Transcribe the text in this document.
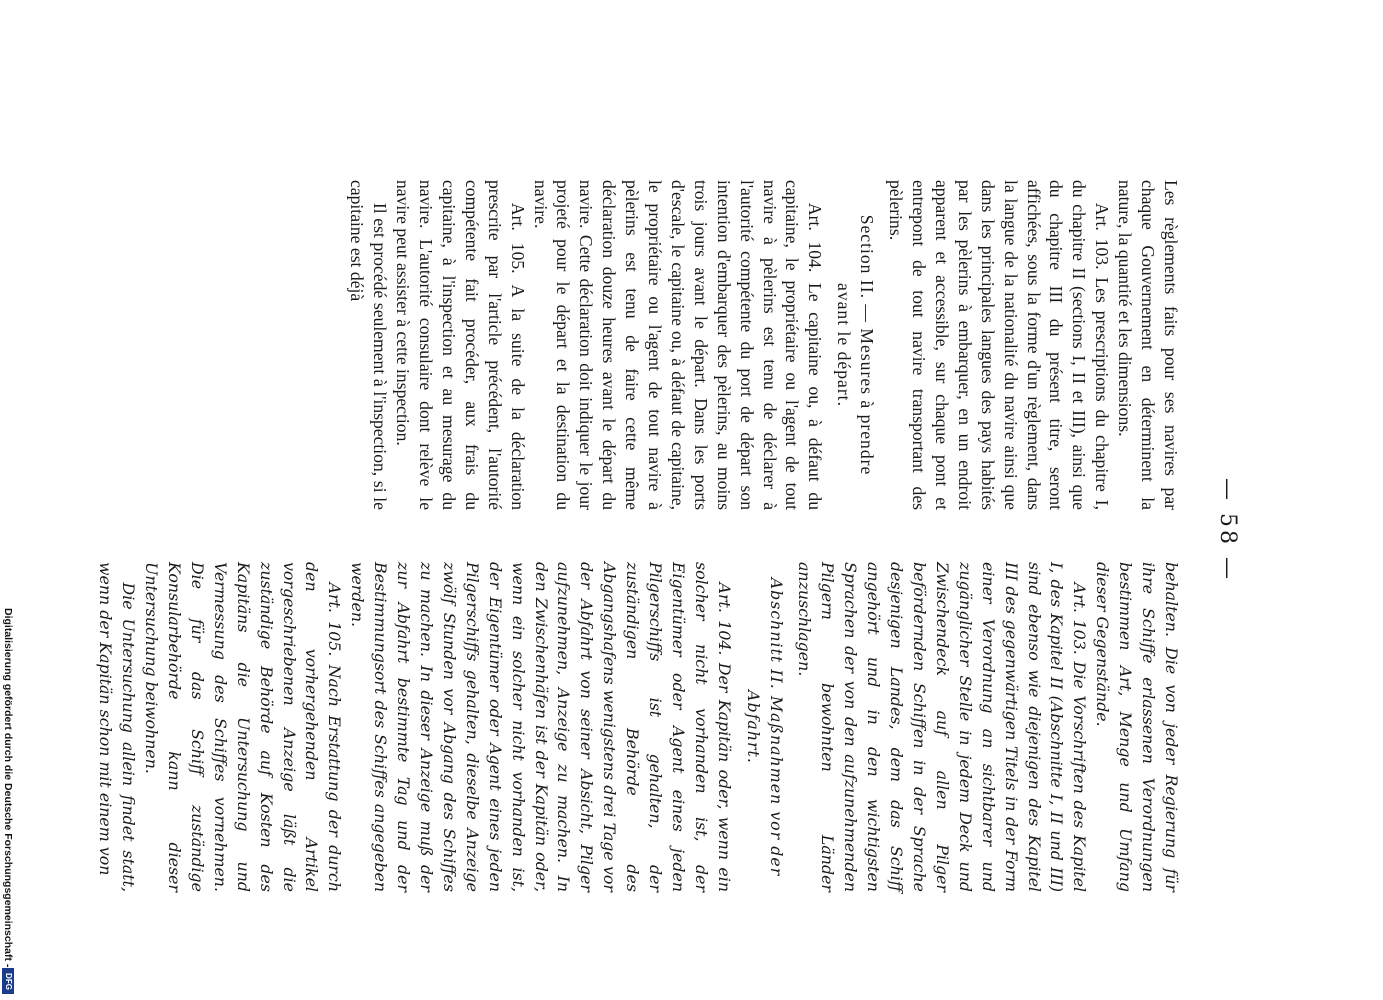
— 58 —

Les règlements faits pour ses navires par chaque Gouvernement en déterminent la nature, la quantité et les dimensions.

Art. 103. Les prescriptions du chapitre I, du chapitre II (sections I, II et III), ainsi que du chapitre III du présent titre, seront affichées, sous la forme d'un règlement, dans la langue de la nationalité du navire ainsi que dans les principales langues des pays habités par les pèlerins à embarquer, en un endroit apparent et accessible, sur chaque pont et entrepont de tout navire transportant des pèlerins.

Section II. — Mesures à prendre
avant le départ.

Art. 104. Le capitaine ou, à défaut du capitaine, le propriétaire ou l'agent de tout navire à pèlerins est tenu de déclarer à l'autorité compétente du port de départ son intention d'embarquer des pèlerins, au moins trois jours avant le départ. Dans les ports d'escale, le capitaine ou, à défaut de capitaine, le propriétaire ou l'agent de tout navire à pèlerins est tenu de faire cette même déclaration douze heures avant le départ du navire. Cette déclaration doit indiquer le jour projeté pour le départ et la destination du navire.

Art. 105. A la suite de la déclaration prescrite par l'article précédent, l'autorité compétente fait procéder, aux frais du capitaine, à l'inspection et au mesurage du navire. L'autorité consulaire dont relève le navire peut assister à cette inspection.

Il est procédé seulement à l'inspection, si le capitaine est déjà

behalten. Die von jeder Regierung für ihre Schiffe erlassenen Verordnungen bestimmen Art, Menge und Umfang dieser Gegenstände.

Art. 103. Die Vorschriften des Kapitel I, des Kapitel II (Abschnitte I, II und III) sind ebenso wie diejenigen des Kapitel III des gegenwärtigen Titels in der Form einer Verordnung an sichtbarer und zugänglicher Stelle in jedem Deck und Zwischendeck auf allen Pilger befördernden Schiffen in der Sprache desjenigen Landes, dem das Schiff angehört und in den wichtigsten Sprachen der von den aufzunehmenden Pilgern bewohnten Länder anzuschlagen.

Abschnitt II. Maßnahmen vor der
Abfahrt.

Art. 104. Der Kapitän oder, wenn ein solcher nicht vorhanden ist, der Eigentümer oder Agent eines jeden Pilgerschiffs ist gehalten, der zuständigen Behörde des Abgangshafens wenigstens drei Tage vor der Abfahrt von seiner Absicht, Pilger aufzunehmen, Anzeige zu machen. In den Zwischenhäfen ist der Kapitän oder, wenn ein solcher nicht vorhanden ist, der Eigentümer oder Agent eines jeden Pilgerschiffs gehalten, dieselbe Anzeige zwölf Stunden vor Abgang des Schiffes zu machen. In dieser Anzeige muß der zur Abfahrt bestimmte Tag und der Bestimmungsort des Schiffes angegeben werden.

Art. 105. Nach Erstattung der durch den vorhergehenden Artikel vorgeschriebenen Anzeige läßt die zuständige Behörde auf Kosten des Kapitäns die Untersuchung und Vermessung des Schiffes vornehmen. Die für das Schiff zuständige Konsularbehörde kann dieser Untersuchung beiwohnen.

Die Untersuchung allein findet statt, wenn der Kapitän schon mit einem von

Digitalisierung gefördert durch die Deutsche Forschungsgemeinschaft -
DFG
